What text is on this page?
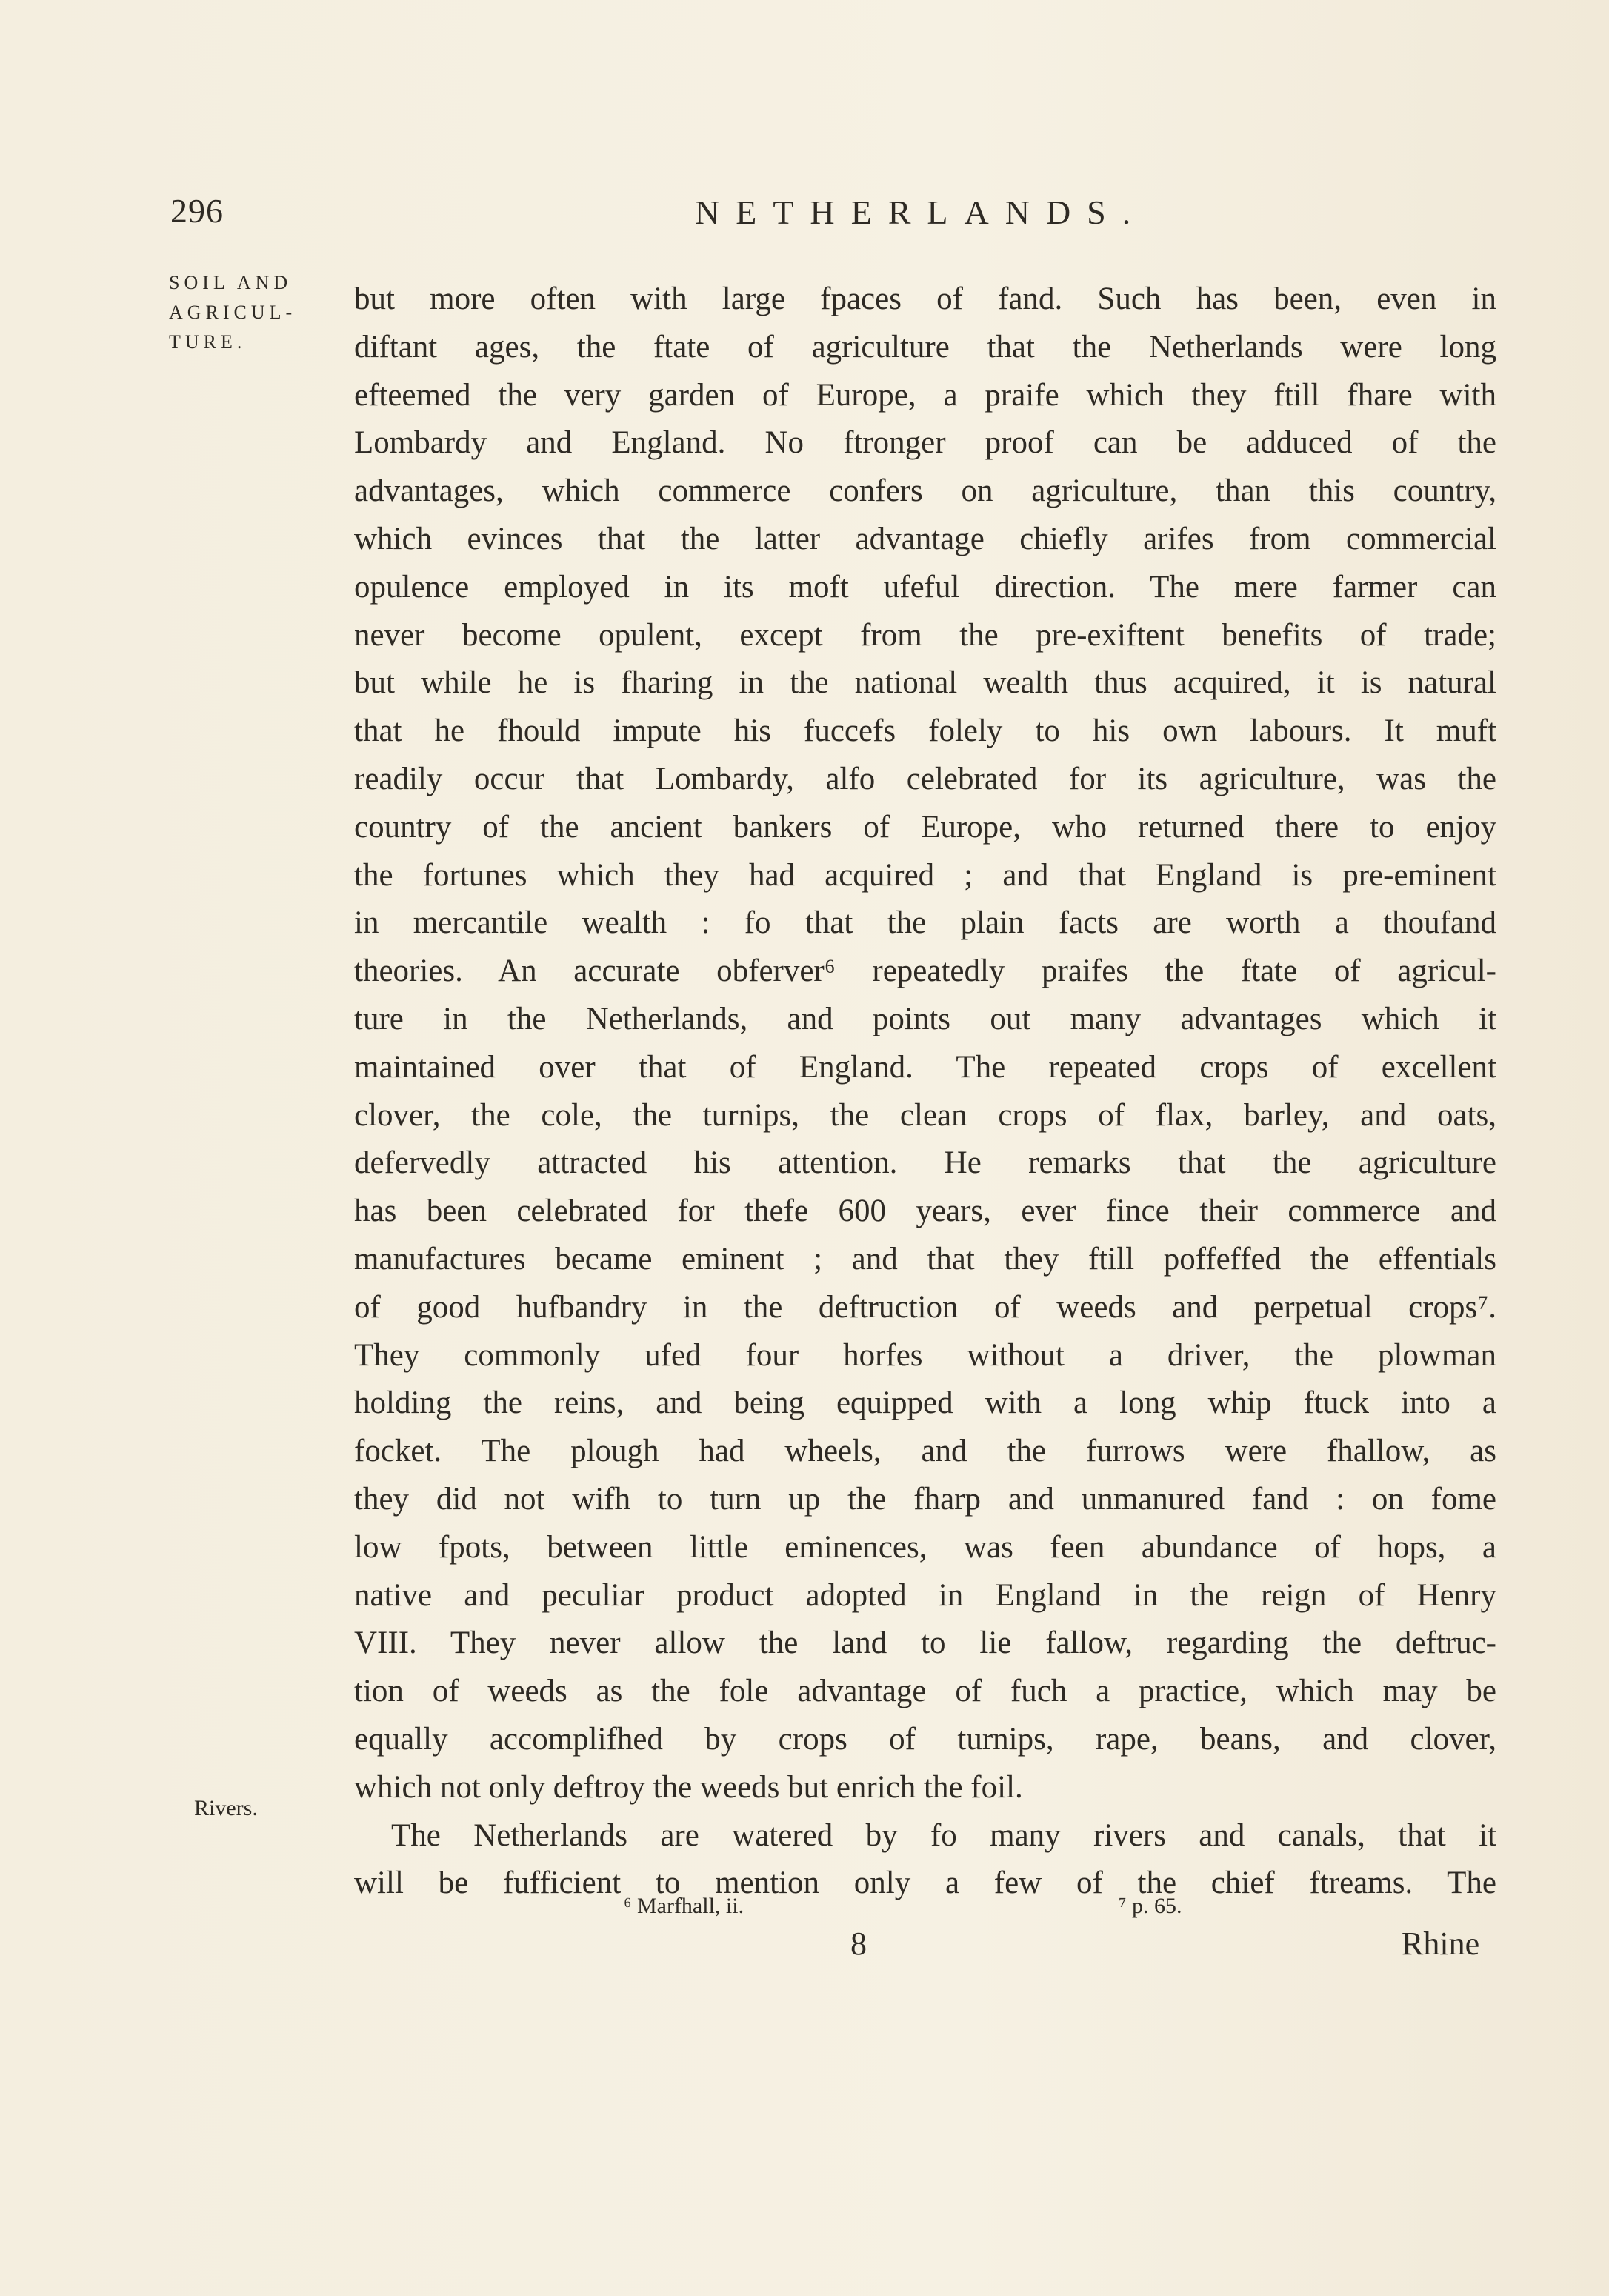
296	NETHERLANDS.
SOIL AND AGRICUL-TURE.
Rivers.
but more often with large fpaces of fand. Such has been, even in
diftant ages, the ftate of agriculture that the Netherlands were long
efteemed the very garden of Europe, a praife which they ftill fhare with
Lombardy and England. No ftronger proof can be adduced of the
advantages, which commerce confers on agriculture, than this country,
which evinces that the latter advantage chiefly arifes from commercial
opulence employed in its moft ufeful direction. The mere farmer can
never become opulent, except from the pre-exiftent benefits of trade;
but while he is fharing in the national wealth thus acquired, it is natural
that he fhould impute his fuccefs folely to his own labours. It muft
readily occur that Lombardy, alfo celebrated for its agriculture, was the
country of the ancient bankers of Europe, who returned there to enjoy
the fortunes which they had acquired ; and that England is pre-eminent
in mercantile wealth : fo that the plain facts are worth a thoufand
theories. An accurate obferver⁶ repeatedly praifes the ftate of agricul-
ture in the Netherlands, and points out many advantages which it
maintained over that of England. The repeated crops of excellent
clover, the cole, the turnips, the clean crops of flax, barley, and oats,
defervedly attracted his attention. He remarks that the agriculture
has been celebrated for thefe 600 years, ever fince their commerce and
manufactures became eminent ; and that they ftill poffeffed the effentials
of good hufbandry in the deftruction of weeds and perpetual crops⁷.
They commonly ufed four horfes without a driver, the plowman
holding the reins, and being equipped with a long whip ftuck into a
focket. The plough had wheels, and the furrows were fhallow, as
they did not wifh to turn up the fharp and unmanured fand : on fome
low fpots, between little eminences, was feen abundance of hops, a
native and peculiar product adopted in England in the reign of Henry
VIII. They never allow the land to lie fallow, regarding the deftruc-
tion of weeds as the fole advantage of fuch a practice, which may be
equally accomplifhed by crops of turnips, rape, beans, and clover,
which not only deftroy the weeds but enrich the foil.
The Netherlands are watered by fo many rivers and canals, that it
will be fufficient to mention only a few of the chief ftreams. The
⁶ Marfhall, ii.	⁷ p. 65.
8	Rhine
